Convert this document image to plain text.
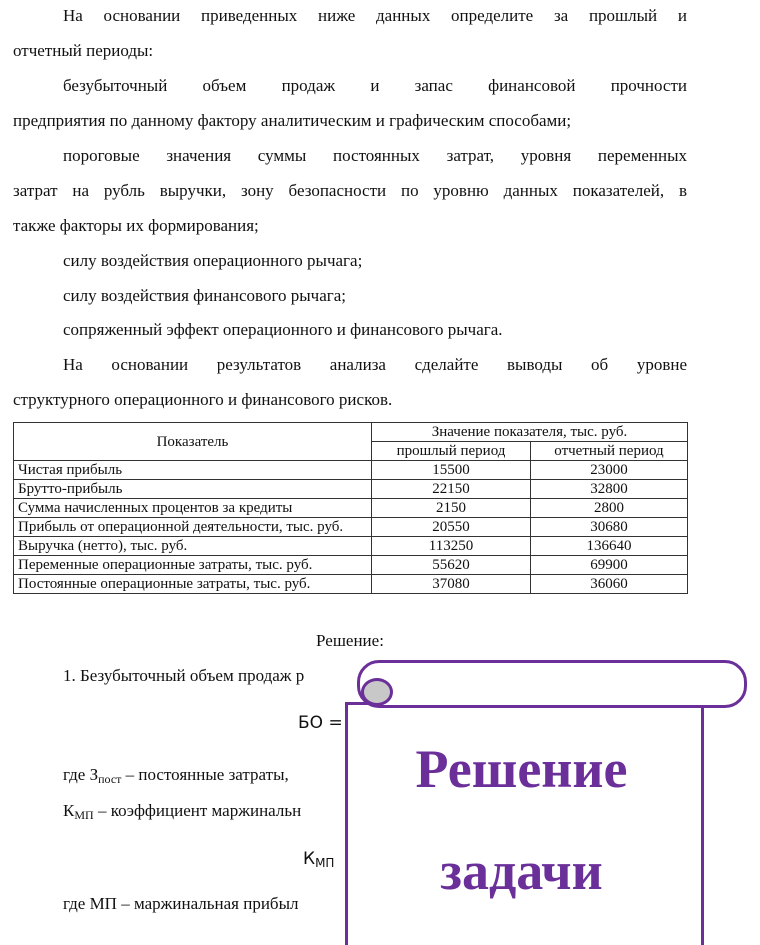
На основании приведенных ниже данных определите за прошлый и
отчетный периоды:
безубыточный объем продаж и запас финансовой прочности
предприятия по данному фактору аналитическим и графическим способами;
пороговые значения суммы постоянных затрат, уровня переменных
затрат на рубль выручки, зону безопасности по уровню данных показателей, в
также факторы их формирования;
силу воздействия операционного рычага;
силу воздействия финансового рычага;
сопряженный эффект операционного и финансового рычага.
На основании результатов анализа сделайте выводы об уровне
структурного операционного и финансового рисков.
Показатель	Значение показателя, тыс. руб.	
	прошлый период	отчетный период
Чистая прибыль	15500	23000
Брутто-прибыль	22150	32800
Сумма начисленных процентов за кредиты	2150	2800
Прибыль от операционной деятельности, тыс. руб.	20550	30680
Выручка (нетто), тыс. руб.	113250	136640
Переменные операционные затраты, тыс. руб.	55620	69900
Постоянные операционные затраты, тыс. руб.	37080	36060
Решение:
1. Безубыточный объем продаж р
БО =
где $З_{пост}$ – постоянные затраты,
$К_{МП}$ – коэффициент маржинальн
$К_{МП}$
где МП – маржинальная прибыл
Решение
задачи
